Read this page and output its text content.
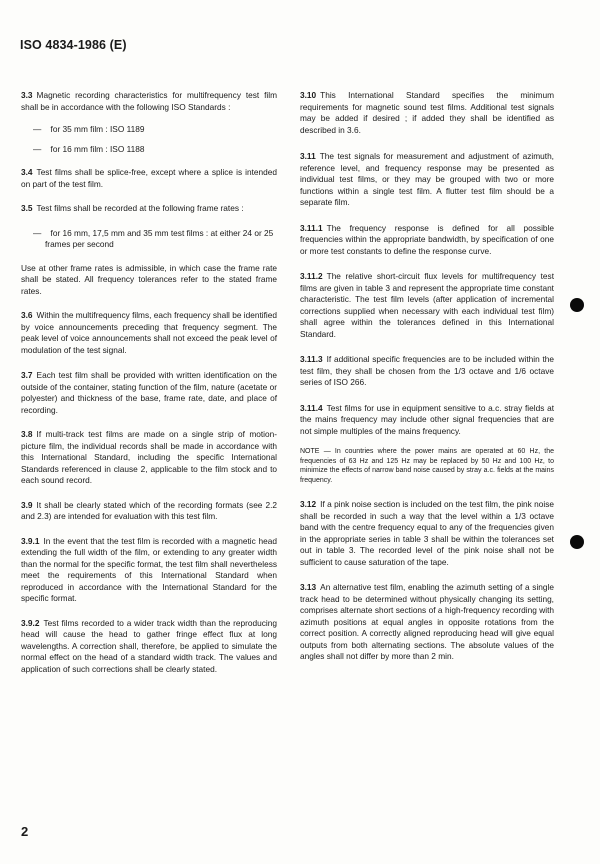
ISO 4834-1986 (E)

3.3 Magnetic recording characteristics for multifrequency test film shall be in accordance with the following ISO Standards :

—    for 35 mm film : ISO 1189

—    for 16 mm film : ISO 1188

3.4 Test films shall be splice-free, except where a splice is intended on part of the test film.

3.5 Test films shall be recorded at the following frame rates :

—    for 16 mm, 17,5 mm and 35 mm test films : at either 24 or 25 frames per second

Use at other frame rates is admissible, in which case the frame rate shall be stated. All frequency tolerances refer to the stated frame rates.

3.6 Within the multifrequency films, each frequency shall be identified by voice announcements preceding that frequency segment. The peak level of voice announcements shall not exceed the peak level of modulation of the test signal.

3.7 Each test film shall be provided with written identification on the outside of the container, stating function of the film, nature (acetate or polyester) and thickness of the base, frame rate, date, and place of recording.

3.8 If multi-track test films are made on a single strip of motion-picture film, the individual records shall be made in accordance with this International Standard, including the specific International Standards referenced in clause 2, applicable to the film stock and to each sound record.

3.9 It shall be clearly stated which of the recording formats (see 2.2 and 2.3) are intended for evaluation with this test film.

3.9.1 In the event that the test film is recorded with a magnetic head extending the full width of the film, or extending to any greater width than the normal for the specific format, the test film shall nevertheless meet the requirements of this International Standard when reproduced in accordance with the International Standard for the specific format.

3.9.2 Test films recorded to a wider track width than the reproducing head will cause the head to gather fringe effect flux at long wavelengths. A correction shall, therefore, be applied to simulate the normal effect on the head of a standard width track. The values and application of such corrections shall be clearly stated.

3.10 This International Standard specifies the minimum requirements for magnetic sound test films. Additional test signals may be added if desired ; if added they shall be identified as described in 3.6.

3.11 The test signals for measurement and adjustment of azimuth, reference level, and frequency response may be presented as individual test films, or they may be grouped with two or more functions within a single test film. A flutter test film should be a separate film.

3.11.1 The frequency response is defined for all possible frequencies within the appropriate bandwidth, by specification of one or more test constants to define the response curve.

3.11.2 The relative short-circuit flux levels for multifrequency test films are given in table 3 and represent the appropriate time constant characteristic. The test film levels (after application of incremental corrections supplied when necessary with each individual test film) shall agree within the tolerances defined in this International Standard.

3.11.3 If additional specific frequencies are to be included within the test film, they shall be chosen from the 1/3 octave and 1/6 octave series of ISO 266.

3.11.4 Test films for use in equipment sensitive to a.c. stray fields at the mains frequency may include other signal frequencies that are not simple multiples of the mains frequency.

NOTE — In countries where the power mains are operated at 60 Hz, the frequencies of 63 Hz and 125 Hz may be replaced by 50 Hz and 100 Hz, to minimize the effects of narrow band noise caused by stray a.c. fields at the mains frequency.

3.12 If a pink noise section is included on the test film, the pink noise shall be recorded in such a way that the level within a 1/3 octave band with the centre frequency equal to any of the frequencies given in the appropriate series in table 3 shall be within the tolerances set out in table 3. The recorded level of the pink noise shall not be sufficient to cause saturation of the tape.

3.13 An alternative test film, enabling the azimuth setting of a single track head to be determined without physically changing its setting, comprises alternate short sections of a high-frequency recording with azimuth positions at equal angles in opposite rotations from the correct position. A correctly aligned reproducing head will give equal outputs from both alternating sections. The absolute values of the angles shall not differ by more than 2 min.

2
